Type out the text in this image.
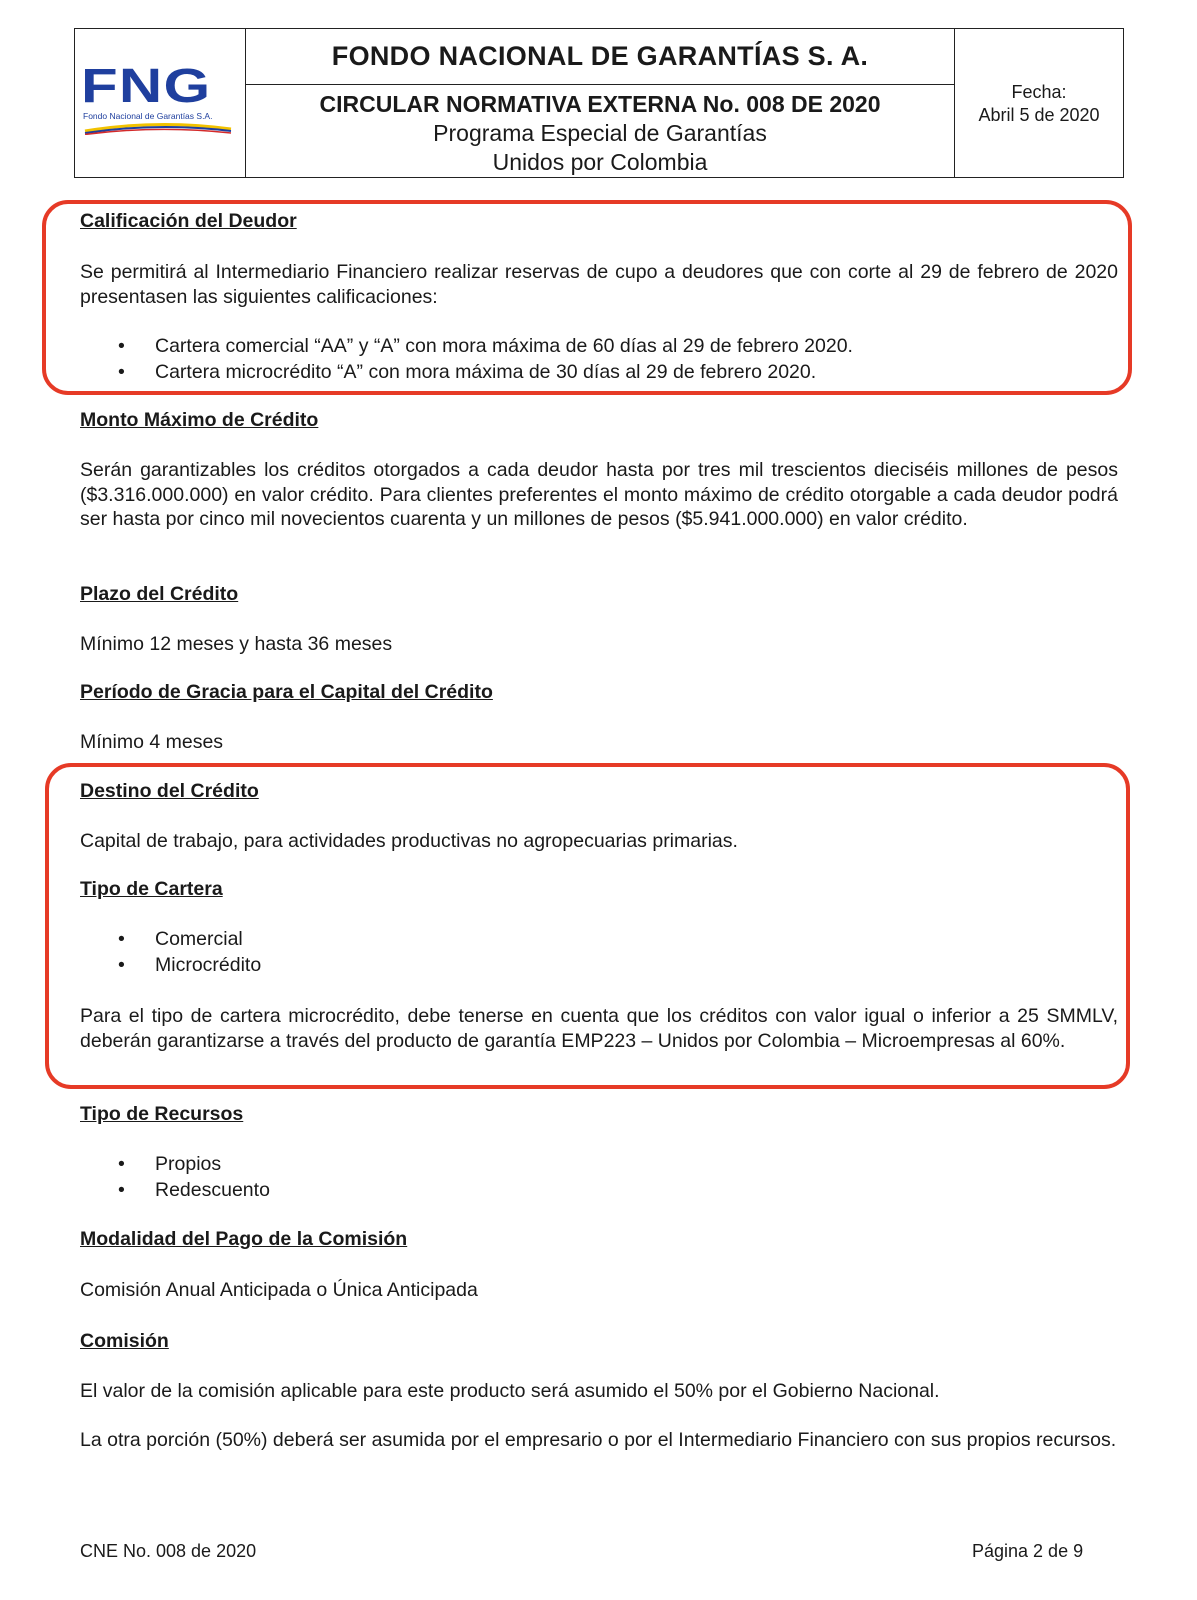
FNG
Fondo Nacional de Garantías S.A.
FONDO NACIONAL DE GARANTÍAS S. A.
CIRCULAR NORMATIVA EXTERNA No. 008 DE 2020
Programa Especial de Garantías
Unidos por Colombia
Fecha:
Abril 5 de 2020
Calificación del Deudor
Se permitirá al Intermediario Financiero realizar reservas de cupo a deudores que con corte al 29 de febrero de 2020 presentasen las siguientes calificaciones:
• Cartera comercial “AA” y “A” con mora máxima de 60 días al 29 de febrero 2020.
• Cartera microcrédito “A” con mora máxima de 30 días al 29 de febrero 2020.
Monto Máximo de Crédito
Serán garantizables los créditos otorgados a cada deudor hasta por tres mil trescientos dieciséis millones de pesos ($3.316.000.000) en valor crédito. Para clientes preferentes el monto máximo de crédito otorgable a cada deudor podrá ser hasta por cinco mil novecientos cuarenta y un millones de pesos ($5.941.000.000) en valor crédito.
Plazo del Crédito
Mínimo 12 meses y hasta 36 meses
Período de Gracia para el Capital del Crédito
Mínimo 4 meses
Destino del Crédito
Capital de trabajo, para actividades productivas no agropecuarias primarias.
Tipo de Cartera
• Comercial
• Microcrédito
Para el tipo de cartera microcrédito, debe tenerse en cuenta que los créditos con valor igual o inferior a 25 SMMLV, deberán garantizarse a través del producto de garantía EMP223 – Unidos por Colombia – Microempresas al 60%.
Tipo de Recursos
• Propios
• Redescuento
Modalidad del Pago de la Comisión
Comisión Anual Anticipada o Única Anticipada
Comisión
El valor de la comisión aplicable para este producto será asumido el 50% por el Gobierno Nacional.
La otra porción (50%) deberá ser asumida por el empresario o por el Intermediario Financiero con sus propios recursos.
CNE No. 008 de 2020	Página 2 de 9
